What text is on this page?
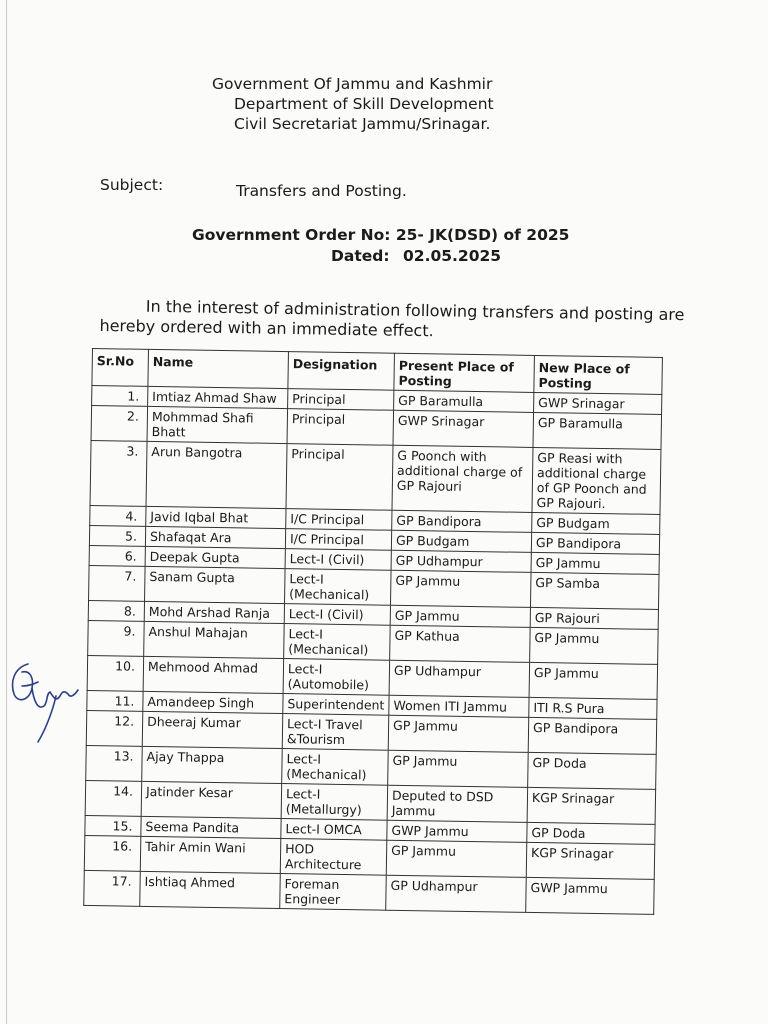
Government Of Jammu and Kashmir
Department of Skill Development
Civil Secretariat Jammu/Srinagar.
Subject:	Transfers and Posting.
Government Order No: 25- JK(DSD) of 2025
Dated: 02.05.2025
In the interest of administration following transfers and posting are
hereby ordered with an immediate effect.
Sr.No	Name	Designation	Present Place of Posting	New Place of Posting
1.	Imtiaz Ahmad Shaw	Principal	GP Baramulla	GWP Srinagar
2.	Mohmmad Shafi Bhatt	Principal	GWP Srinagar	GP Baramulla
3.	Arun Bangotra	Principal	G Poonch with additional charge of GP Rajouri	GP Reasi with additional charge of GP Poonch and GP Rajouri.
4.	Javid Iqbal Bhat	I/C Principal	GP Bandipora	GP Budgam
5.	Shafaqat Ara	I/C Principal	GP Budgam	GP Bandipora
6.	Deepak Gupta	Lect-I (Civil)	GP Udhampur	GP Jammu
7.	Sanam Gupta	Lect-I (Mechanical)	GP Jammu	GP Samba
8.	Mohd Arshad Ranja	Lect-I (Civil)	GP Jammu	GP Rajouri
9.	Anshul Mahajan	Lect-I (Mechanical)	GP Kathua	GP Jammu
10.	Mehmood Ahmad	Lect-I (Automobile)	GP Udhampur	GP Jammu
11.	Amandeep Singh	Superintendent	Women ITI Jammu	ITI R.S Pura
12.	Dheeraj Kumar	Lect-I Travel &Tourism	GP Jammu	GP Bandipora
13.	Ajay Thappa	Lect-I (Mechanical)	GP Jammu	GP Doda
14.	Jatinder Kesar	Lect-I (Metallurgy)	Deputed to DSD Jammu	KGP Srinagar
15.	Seema Pandita	Lect-I OMCA	GWP Jammu	GP Doda
16.	Tahir Amin Wani	HOD Architecture	GP Jammu	KGP Srinagar
17.	Ishtiaq Ahmed	Foreman Engineer	GP Udhampur	GWP Jammu
